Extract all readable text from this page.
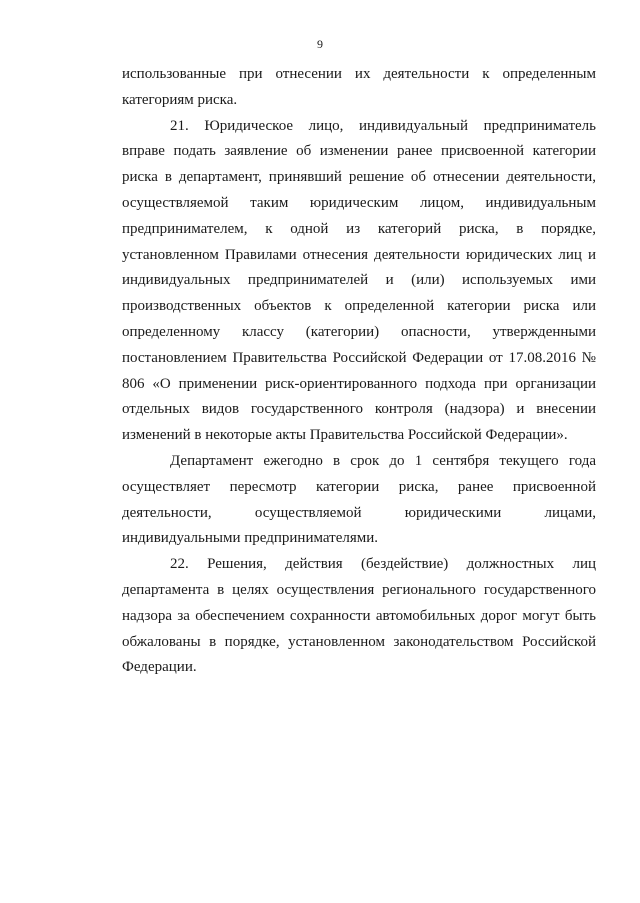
9
использованные при отнесении их деятельности к определенным
категориям риска.
21. Юридическое лицо, индивидуальный предприниматель
вправе подать заявление об изменении ранее присвоенной категории
риска в департамент, принявший решение об отнесении деятельности,
осуществляемой таким юридическим лицом, индивидуальным
предпринимателем, к одной из категорий риска, в порядке,
установленном Правилами отнесения деятельности юридических лиц и
индивидуальных предпринимателей и (или) используемых ими
производственных объектов к определенной категории риска или
определенному классу (категории) опасности, утвержденными
постановлением Правительства Российской Федерации от 17.08.2016 №
806 «О применении риск-ориентированного подхода при организации
отдельных видов государственного контроля (надзора) и внесении
изменений в некоторые акты Правительства Российской Федерации».
Департамент ежегодно в срок до 1 сентября текущего года
осуществляет пересмотр категории риска, ранее присвоенной
деятельности, осуществляемой юридическими лицами,
индивидуальными предпринимателями.
22. Решения, действия (бездействие) должностных лиц
департамента в целях осуществления регионального государственного
надзора за обеспечением сохранности автомобильных дорог могут быть
обжалованы в порядке, установленном законодательством Российской
Федерации.
